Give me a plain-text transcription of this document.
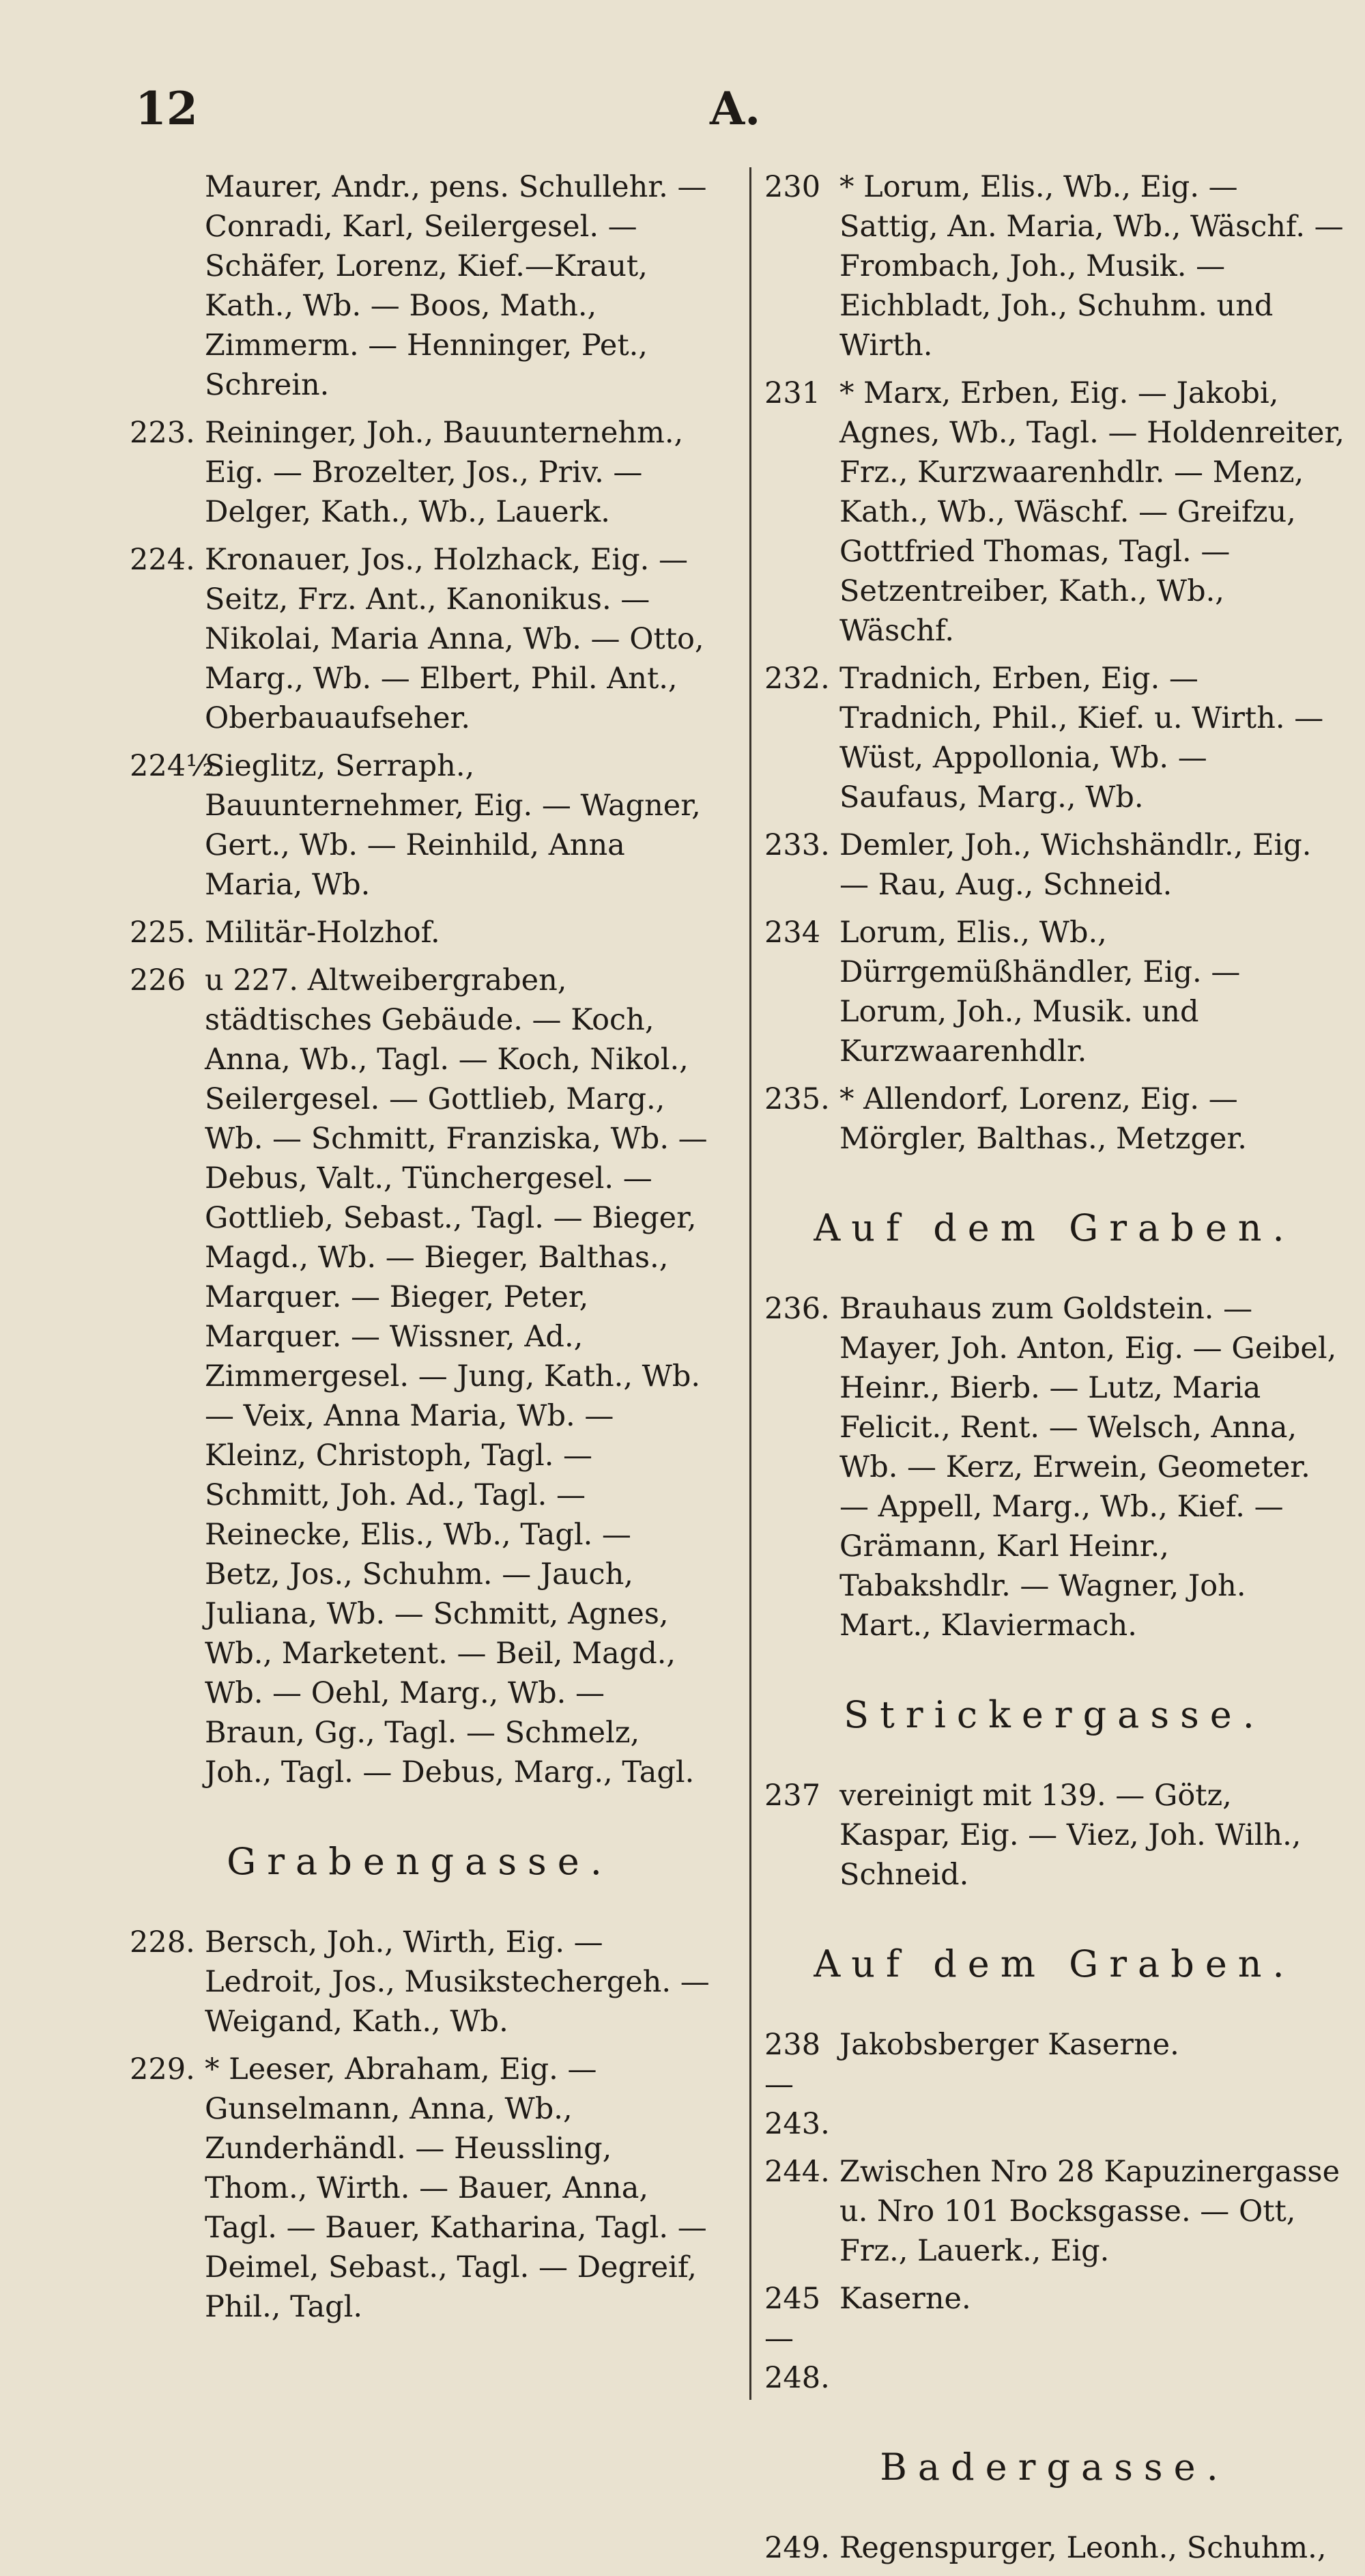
12	A.
Maurer, Andr., pens. Schullehr. — Conradi, Karl, Seilergesel. — Schäfer, Lorenz, Kief.—Kraut, Kath., Wb. — Boos, Math., Zimmerm. — Henninger, Pet., Schrein.
223. Reininger, Joh., Bauunternehm., Eig. — Brozelter, Jos., Priv. — Delger, Kath., Wb., Lauerk.
224. Kronauer, Jos., Holzhack, Eig. — Seitz, Frz. Ant., Kanonikus. — Nikolai, Maria Anna, Wb. — Otto, Marg., Wb. — Elbert, Phil. Ant., Oberbauaufseher.
224½.
Sieglitz, Serraph., Bauunternehmer, Eig. — Wagner, Gert., Wb. — Reinhild, Anna Maria, Wb.
225. Militär-Holzhof.
226 u 227. Altweibergraben, städtisches Gebäude. — Koch, Anna, Wb., Tagl. — Koch, Nikol., Seilergesel. — Gottlieb, Marg., Wb. — Schmitt, Franziska, Wb. — Debus, Valt., Tünchergesel. — Gottlieb, Sebast., Tagl. — Bieger, Magd., Wb. — Bieger, Balthas., Marquer. — Bieger, Peter, Marquer. — Wissner, Ad., Zimmergesel. — Jung, Kath., Wb. — Veix, Anna Maria, Wb. — Kleinz, Christoph, Tagl. — Schmitt, Joh. Ad., Tagl. — Reinecke, Elis., Wb., Tagl. — Betz, Jos., Schuhm. — Jauch, Juliana, Wb. — Schmitt, Agnes, Wb., Marketent. — Beil, Magd., Wb. — Oehl, Marg., Wb. — Braun, Gg., Tagl. — Schmelz, Joh., Tagl. — Debus, Marg., Tagl.
Grabengasse.
228. Bersch, Joh., Wirth, Eig. — Ledroit, Jos., Musikstechergeh. — Weigand, Kath., Wb.
229. * Leeser, Abraham, Eig. — Gunselmann, Anna, Wb., Zunderhändl. — Heussling, Thom., Wirth. — Bauer, Anna, Tagl. — Bauer, Katharina, Tagl. — Deimel, Sebast., Tagl. — Degreif, Phil., Tagl.
230 * Lorum, Elis., Wb., Eig. — Sattig, An. Maria, Wb., Wäschf. — Frombach, Joh., Musik. — Eichbladt, Joh., Schuhm. und Wirth.
231 * Marx, Erben, Eig. — Jakobi, Agnes, Wb., Tagl. — Holdenreiter, Frz., Kurzwaarenhdlr. — Menz, Kath., Wb., Wäschf. — Greifzu, Gottfried Thomas, Tagl. — Setzentreiber, Kath., Wb., Wäschf.
232. Tradnich, Erben, Eig. — Tradnich, Phil., Kief. u. Wirth. — Wüst, Appollonia, Wb. — Saufaus, Marg., Wb.
233. Demler, Joh., Wichshändlr., Eig. — Rau, Aug., Schneid.
234 Lorum, Elis., Wb., Dürrgemüßhändler, Eig. — Lorum, Joh., Musik. und Kurzwaarenhdlr.
235. * Allendorf, Lorenz, Eig. — Mörgler, Balthas., Metzger.
Auf dem Graben.
236. Brauhaus zum Goldstein. — Mayer, Joh. Anton, Eig. — Geibel, Heinr., Bierb. — Lutz, Maria Felicit., Rent. — Welsch, Anna, Wb. — Kerz, Erwein, Geometer. — Appell, Marg., Wb., Kief. — Grämann, Karl Heinr., Tabakshdlr. — Wagner, Joh. Mart., Klaviermach.
Strickergasse.
237 vereinigt mit 139. — Götz, Kaspar, Eig. — Viez, Joh. Wilh., Schneid.
Auf dem Graben.
238—243.
Jakobsberger Kaserne.
244. Zwischen Nro 28 Kapuzinergasse u. Nro 101 Bocksgasse. — Ott, Frz., Lauerk., Eig.
245—248.
Kaserne.
Badergasse.
249. Regenspurger, Leonh., Schuhm.,
